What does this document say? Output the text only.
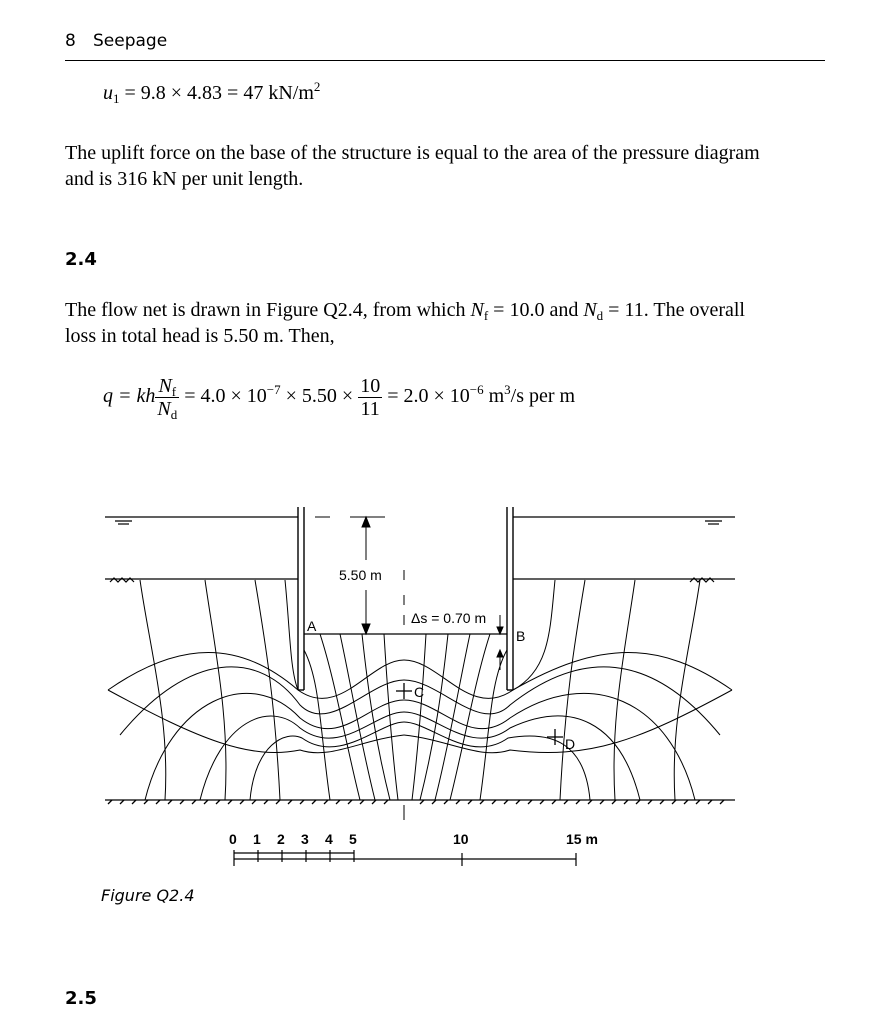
8 Seepage
$u_1 = 9.8 \times 4.83 = 47$ $kN/m^2$
The uplift force on the base of the structure is equal to the area of the pressure diagram
and is 316 kN per unit length.
2.4
The flow net is drawn in Figure Q2.4, from which $N_f = 10.0$ and $N_d = 11$. The overall
loss in total head is 5.50 m. Then,
q = kh $\frac{N_f}{N_d} = 4.0 \times 10^{-7} \times 5.50 \times \frac{10}{11} = 2.0 \times 10^{-6}$ $m^3/s$ per m
5.50 m
Δs = 0.70 m
A
B
C
D
0 1 2 3 4 5	10	15 m
Figure Q2.4
2.5
